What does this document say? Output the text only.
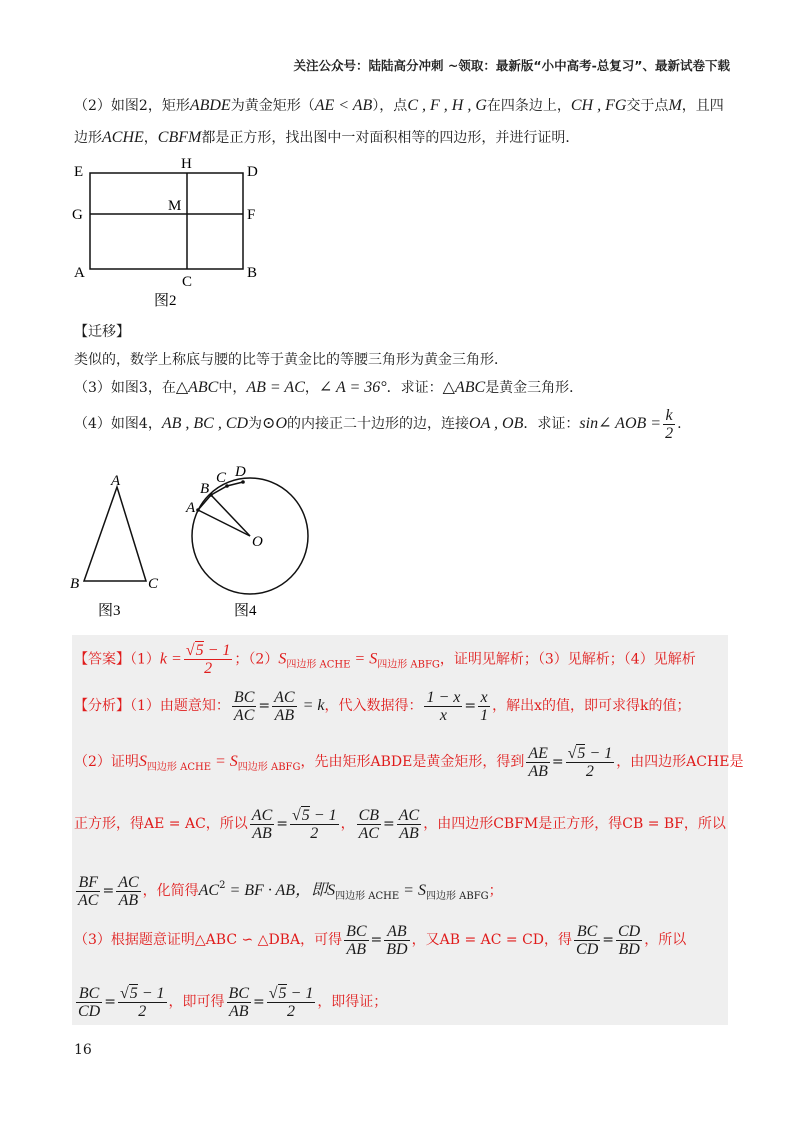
关注公众号：陆陆高分冲刺 ~领取：最新版“小中高考-总复习”、最新试卷下载
（2）如图2，矩形ABDE为黄金矩形（AE < AB），点C , F , H , G在四条边上，CH , FG交于点M，且四
边形ACHE，CBFM都是正方形，找出图中一对面积相等的四边形，并进行证明．
E	H	D
G
M
F
A
C
B
图2
【迁移】
类似的，数学上称底与腰的比等于黄金比的等腰三角形为黄金三角形．
（3）如图3，在△ABC中，AB = AC，∠ A = 36°．求证：△ABC是黄金三角形．
（4）如图4，AB , BC , CD为⊙O的内接正二十边形的边，连接OA , OB．求证：sin∠ AOB = $\frac{k}{2}$ .
A
B	C
图3
A
B
C D
O
图4
【答案】$(1)k = \frac{√5 - 1}{2}$ ；$(2)S_{四边形 ACHE} = S_{四边形 ABFG}$，证明见解析；（3）见解析；（4）见解析
【分析】（1）由题意知： $\frac{BC}{AC} = \frac{AC}{AB} = k$，代入数据得： $\frac{1 - x}{x} = \frac{x}{1}$ ，解出x的值，即可求得k的值；
（2）证明$S_{四边形 ACHE} = S_{四边形 ABFG}$，先由矩形ABDE是黄金矩形，得到 $\frac{AE}{AB} = \frac{√5 - 1}{2}$ ，由四边形ACHE是
正方形，得AE = AC，所以 $\frac{AC}{AB} = \frac{√5 - 1}{2}$ ， $\frac{CB}{AC} = \frac{AC}{AB}$ ，由四边形CBFM是正方形，得CB = BF，所以
$\frac{BF}{AC} = \frac{AC}{AB}$ ，化简得$AC^2$ = BF · AB，即$S_{四边形 ACHE} = S_{四边形 ABFG}$；
（3）根据题意证明△ABC ∽ △DBA，可得 $\frac{BC}{AB} = \frac{AB}{BD}$ ，又AB = AC = CD，得 $\frac{BC}{CD} = \frac{CD}{BD}$ ，所以
$\frac{BC}{CD} = \frac{√5 - 1}{2}$ ，即可得 $\frac{BC}{AB} = \frac{√5 - 1}{2}$ ，即得证；
16
